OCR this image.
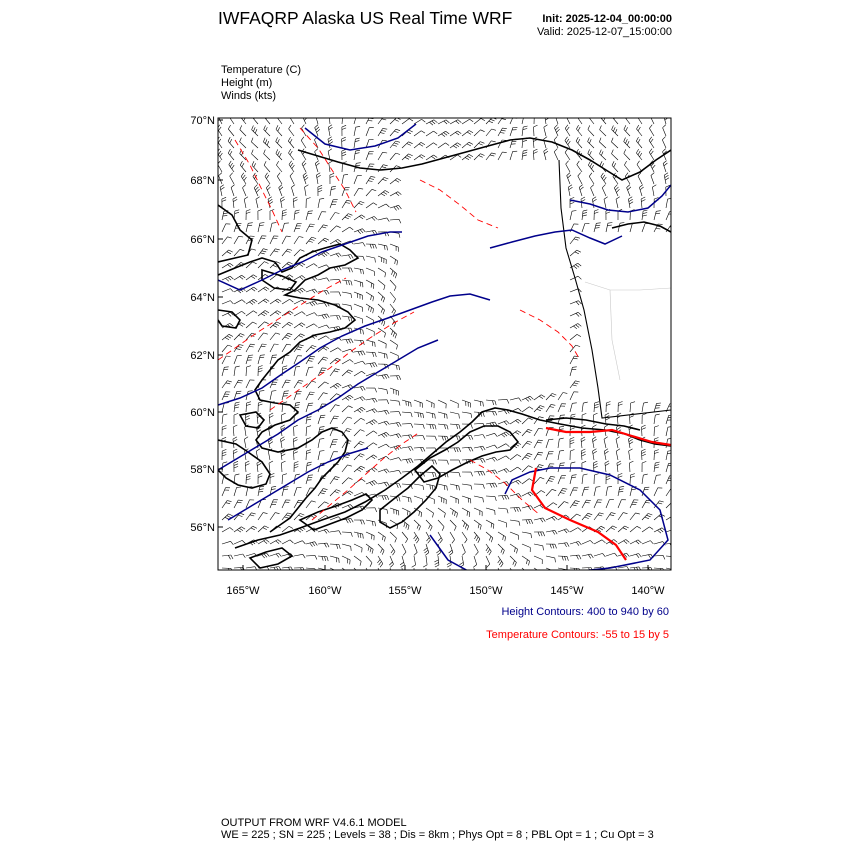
IWFAQRP Alaska US Real Time WRF	Init: 2025-12-04_00:00:00
Valid: 2025-12-07_15:00:00
Temperature (C)
Height (m)
Winds (kts)
70°N
68°N
66°N
64°N
62°N
60°N
58°N
56°N
165°W	160°W	155°W	150°W	145°W	140°W
Height Contours: 400 to 940 by 60
Temperature Contours: -55 to 15 by 5
OUTPUT FROM WRF V4.6.1 MODEL
WE = 225 ; SN = 225 ; Levels = 38 ; Dis = 8km ; Phys Opt = 8 ; PBL Opt = 1 ; Cu Opt = 3
